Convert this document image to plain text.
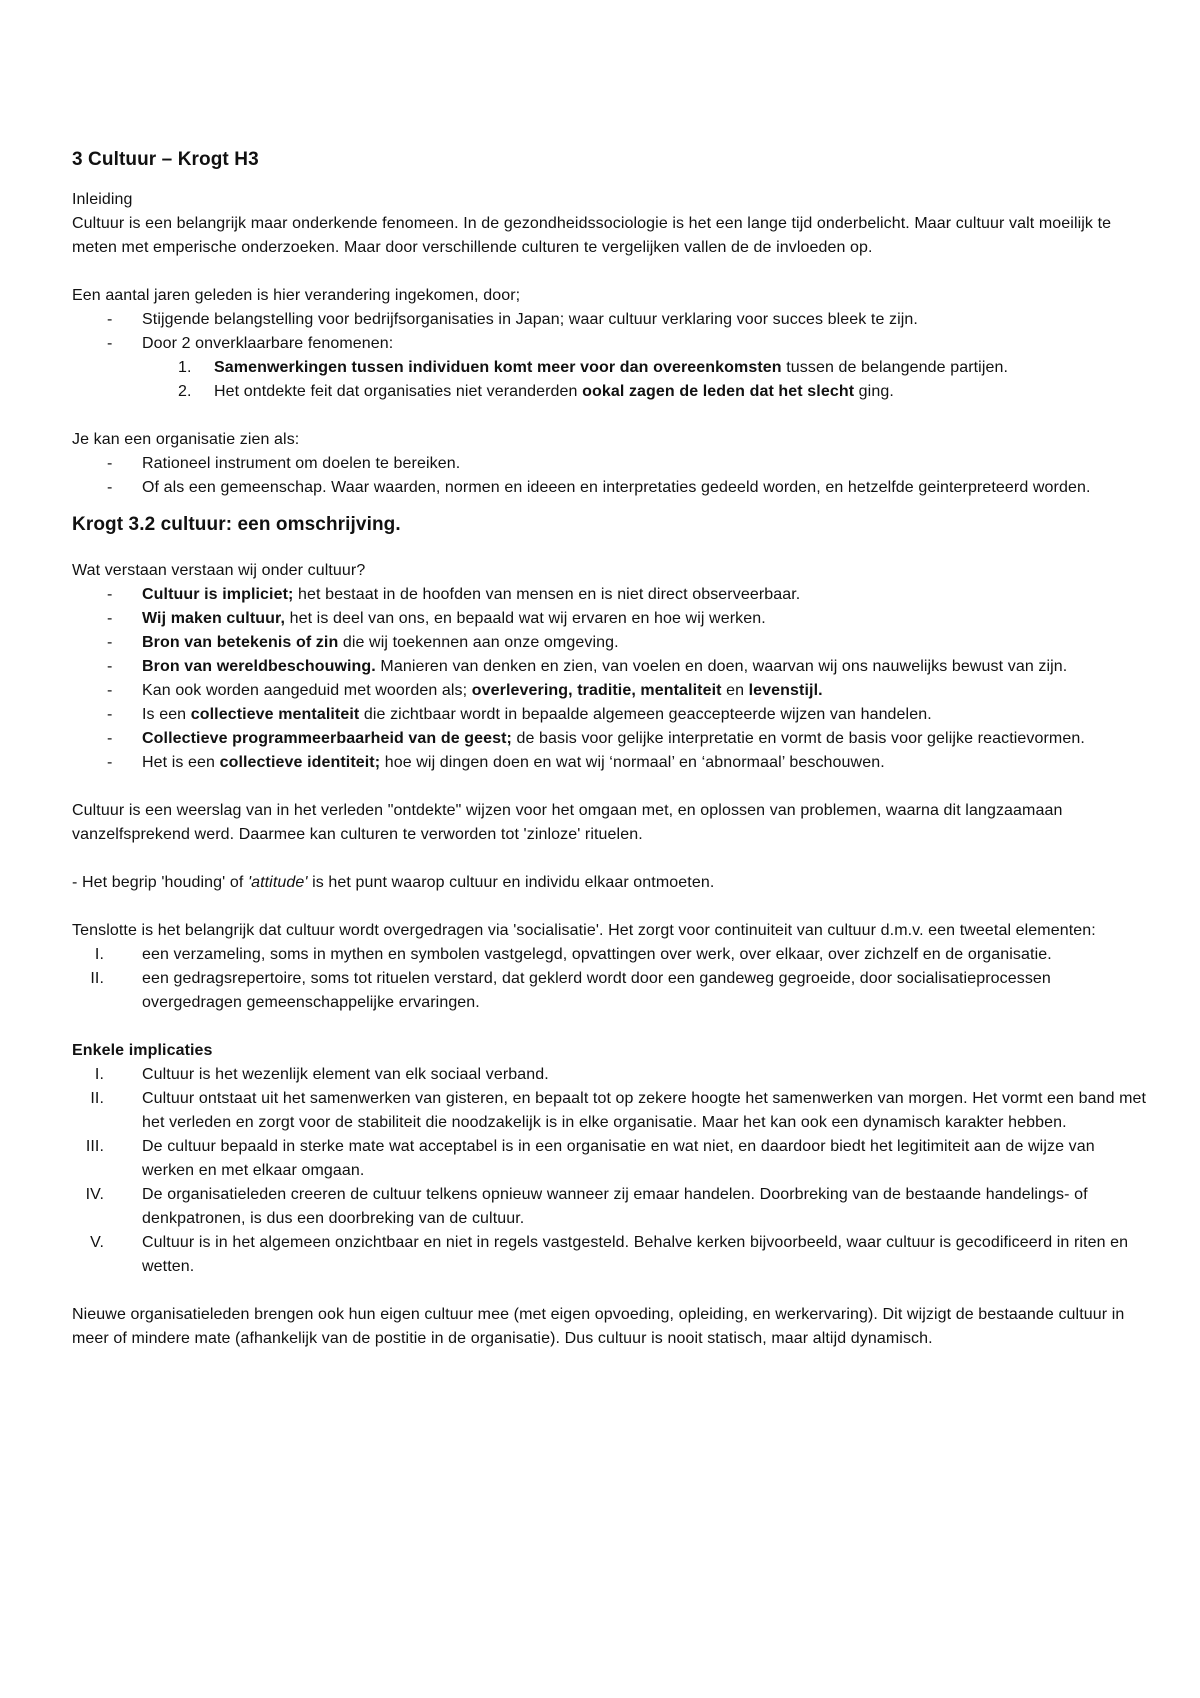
3 Cultuur – Krogt H3

Inleiding

Cultuur is een belangrijk maar onderkende fenomeen. In de gezondheidssociologie is het een lange tijd onderbelicht. Maar cultuur valt moeilijk te meten met emperische onderzoeken. Maar door verschillende culturen te vergelijken vallen de de invloeden op.

Een aantal jaren geleden is hier verandering ingekomen, door;

- Stijgende belangstelling voor bedrijfsorganisaties in Japan; waar cultuur verklaring voor succes bleek te zijn.
- Door 2 onverklaarbare fenomenen:
1.	Samenwerkingen tussen individuen komt meer voor dan overeenkomsten tussen de belangende partijen.
2.	Het ontdekte feit dat organisaties niet veranderden ookal zagen de leden dat het slecht ging.

Je kan een organisatie zien als:

- Rationeel instrument om doelen te bereiken.
- Of als een gemeenschap. Waar waarden, normen en ideeen en interpretaties gedeeld worden, en hetzelfde geinterpreteerd worden.

Krogt 3.2 cultuur: een omschrijving.

Wat verstaan verstaan wij onder cultuur?

- Cultuur is impliciet; het bestaat in de hoofden van mensen en is niet direct observeerbaar.
- Wij maken cultuur, het is deel van ons, en bepaald wat wij ervaren en hoe wij werken.
- Bron van betekenis of zin die wij toekennen aan onze omgeving.
- Bron van wereldbeschouwing. Manieren van denken en zien, van voelen en doen, waarvan wij ons nauwelijks bewust van zijn.
- Kan ook worden aangeduid met woorden als; overlevering, traditie, mentaliteit en levenstijl.
- Is een collectieve mentaliteit die zichtbaar wordt in bepaalde algemeen geaccepteerde wijzen van handelen.
- Collectieve programmeerbaarheid van de geest; de basis voor gelijke interpretatie en vormt de basis voor gelijke reactievormen.
- Het is een collectieve identiteit; hoe wij dingen doen en wat wij ‘normaal’ en ‘abnormaal’ beschouwen.

Cultuur is een weerslag van in het verleden "ontdekte" wijzen voor het omgaan met, en oplossen van problemen, waarna dit langzaamaan vanzelfsprekend werd. Daarmee kan culturen te verworden tot 'zinloze' rituelen.

- Het begrip 'houding' of 'attitude' is het punt waarop cultuur en individu elkaar ontmoeten.

Tenslotte is het belangrijk dat cultuur wordt overgedragen via 'socialisatie'. Het zorgt voor continuiteit van cultuur d.m.v. een tweetal elementen:

I. een verzameling, soms in mythen en symbolen vastgelegd, opvattingen over werk, over elkaar, over zichzelf en de organisatie.
II. een gedragsrepertoire, soms tot rituelen verstard, dat geklerd wordt door een gandeweg gegroeide, door socialisatieprocessen overgedragen gemeenschappelijke ervaringen.

Enkele implicaties

I. Cultuur is het wezenlijk element van elk sociaal verband.
II. Cultuur ontstaat uit het samenwerken van gisteren, en bepaalt tot op zekere hoogte het samenwerken van morgen. Het vormt een band met het verleden en zorgt voor de stabiliteit die noodzakelijk is in elke organisatie. Maar het kan ook een dynamisch karakter hebben.
III. De cultuur bepaald in sterke mate wat acceptabel is in een organisatie en wat niet, en daardoor biedt het legitimiteit aan de wijze van werken en met elkaar omgaan.
IV. De organisatieleden creeren de cultuur telkens opnieuw wanneer zij emaar handelen. Doorbreking van de bestaande handelings- of denkpatronen, is dus een doorbreking van de cultuur.
V. Cultuur is in het algemeen onzichtbaar en niet in regels vastgesteld. Behalve kerken bijvoorbeeld, waar cultuur is gecodificeerd in riten en wetten.

Nieuwe organisatieleden brengen ook hun eigen cultuur mee (met eigen opvoeding, opleiding, en werkervaring). Dit wijzigt de bestaande cultuur in meer of mindere mate (afhankelijk van de postitie in de organisatie). Dus cultuur is nooit statisch, maar altijd dynamisch.
